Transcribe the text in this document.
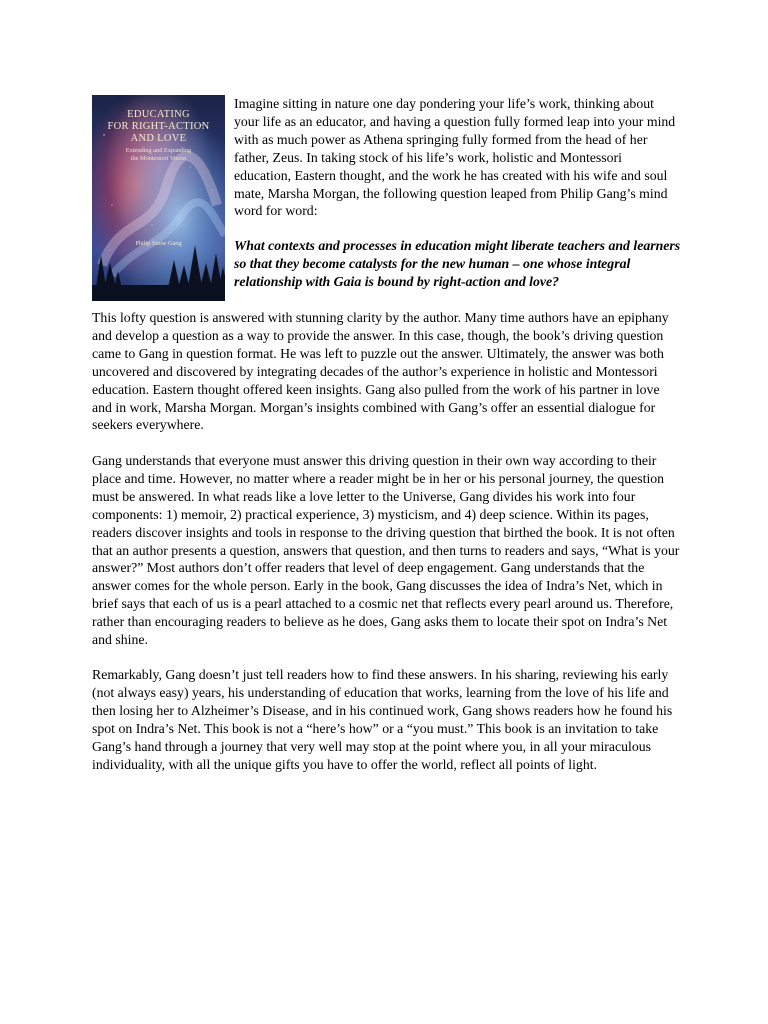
EDUCATING
FOR RIGHT-ACTION
AND LOVE
Extending and Expanding
the Montessori Vision
Philip Snow Gang

Imagine sitting in nature one day pondering your life’s work, thinking about your life as an educator, and having a question fully formed leap into your mind with as much power as Athena springing fully formed from the head of her father, Zeus. In taking stock of his life’s work, holistic and Montessori education, Eastern thought, and the work he has created with his wife and soul mate, Marsha Morgan, the following question leaped from Philip Gang’s mind word for word:

What contexts and processes in education might liberate teachers and learners so that they become catalysts for the new human – one whose integral relationship with Gaia is bound by right-action and love?

This lofty question is answered with stunning clarity by the author. Many time authors have an epiphany and develop a question as a way to provide the answer. In this case, though, the book’s driving question came to Gang in question format. He was left to puzzle out the answer. Ultimately, the answer was both uncovered and discovered by integrating decades of the author’s experience in holistic and Montessori education. Eastern thought offered keen insights. Gang also pulled from the work of his partner in love and in work, Marsha Morgan. Morgan’s insights combined with Gang’s offer an essential dialogue for seekers everywhere.

Gang understands that everyone must answer this driving question in their own way according to their place and time. However, no matter where a reader might be in her or his personal journey, the question must be answered. In what reads like a love letter to the Universe, Gang divides his work into four components: 1) memoir, 2) practical experience, 3) mysticism, and 4) deep science. Within its pages, readers discover insights and tools in response to the driving question that birthed the book. It is not often that an author presents a question, answers that question, and then turns to readers and says, “What is your answer?” Most authors don’t offer readers that level of deep engagement. Gang understands that the answer comes for the whole person. Early in the book, Gang discusses the idea of Indra’s Net, which in brief says that each of us is a pearl attached to a cosmic net that reflects every pearl around us. Therefore, rather than encouraging readers to believe as he does, Gang asks them to locate their spot on Indra’s Net and shine.

Remarkably, Gang doesn’t just tell readers how to find these answers. In his sharing, reviewing his early (not always easy) years, his understanding of education that works, learning from the love of his life and then losing her to Alzheimer’s Disease, and in his continued work, Gang shows readers how he found his spot on Indra’s Net. This book is not a “here’s how” or a “you must.” This book is an invitation to take Gang’s hand through a journey that very well may stop at the point where you, in all your miraculous individuality, with all the unique gifts you have to offer the world, reflect all points of light.
